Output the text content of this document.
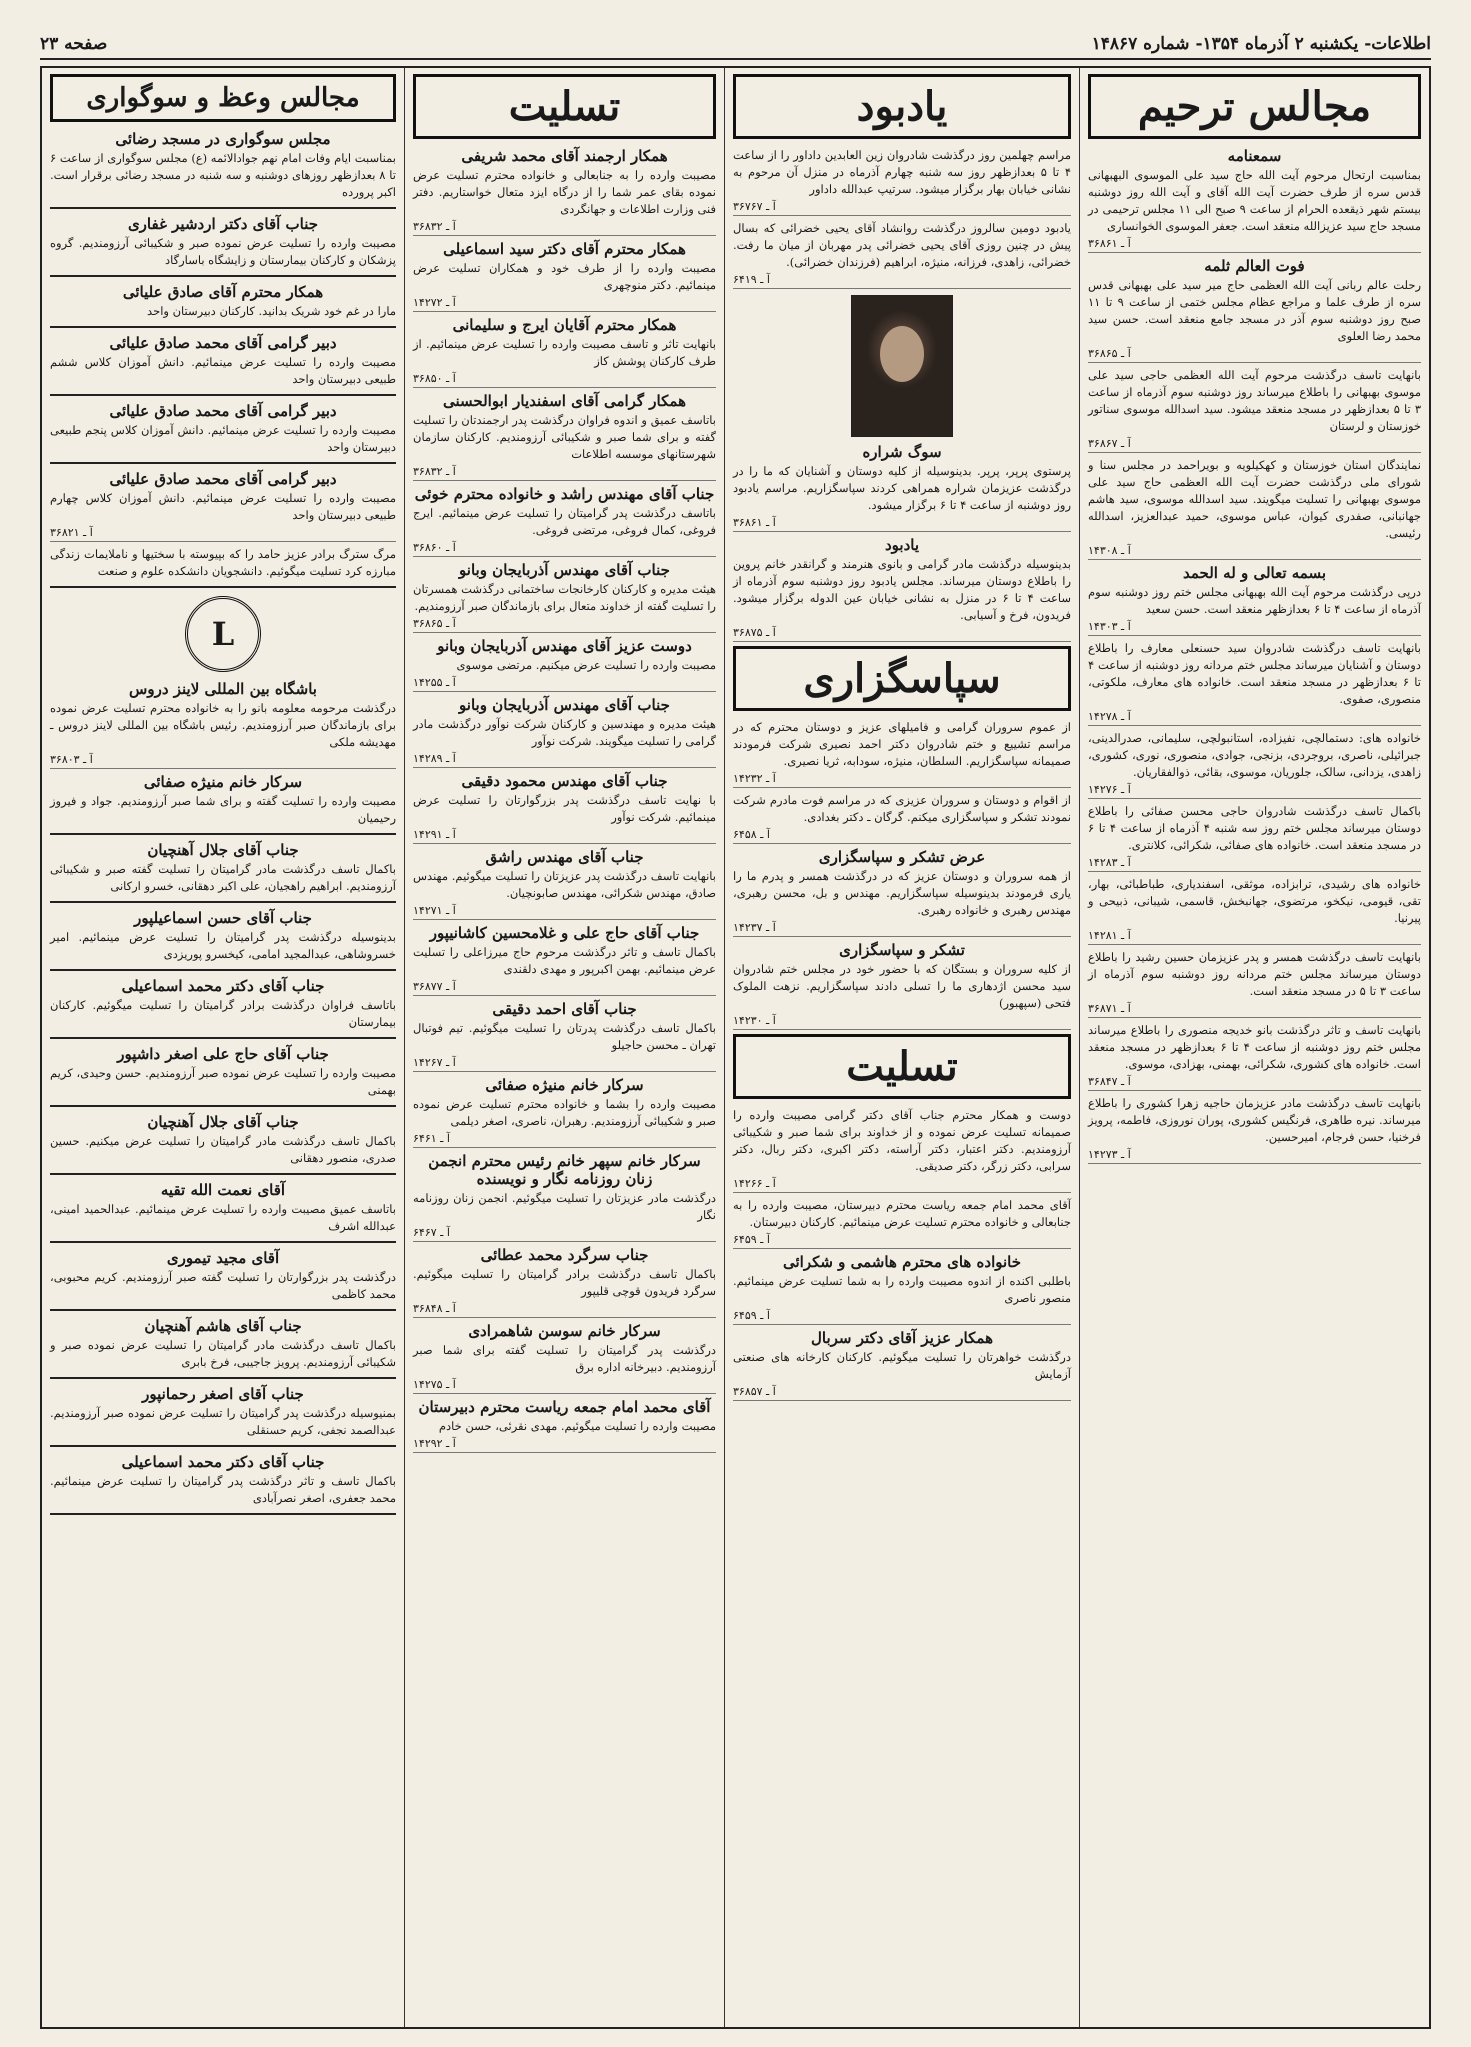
اطلاعات- یکشنبه ۲ آذرماه ۱۳۵۴- شماره ۱۴۸۶۷
صفحه ۲۳
مجالس ترحیم
سمعنامه

بمناسبت ارتحال مرحوم آیت الله حاج سید علی الموسوی البهبهانی قدس سره از طرف حضرت آیت الله آقای و آیت الله روز دوشنبه بیستم شهر ذیقعده الحرام از ساعت ۹ صبح الی ۱۱ مجلس ترحیمی در مسجد حاج سید عزیزالله منعقد است. جعفر الموسوی الخوانساری

آ ـ ۳۶۸۶۱
فوت العالم ثلمه

رحلت عالم ربانی آیت الله العظمی حاج میر سید علی بهبهانی قدس سره از طرف علما و مراجع عظام مجلس ختمی از ساعت ۹ تا ۱۱ صبح روز دوشنبه سوم آذر در مسجد جامع منعقد است. حسن سید محمد رضا العلوی

آ ـ ۳۶۸۶۵

بانهایت تاسف درگذشت مرحوم آیت الله العظمی حاجی سید علی موسوی بهبهانی را باطلاع میرساند روز دوشنبه سوم آذرماه از ساعت ۳ تا ۵ بعدازظهر در مسجد منعقد میشود. سید اسدالله موسوی سناتور خوزستان و لرستان

آ ـ ۳۶۸۶۷

نمایندگان استان خوزستان و کهکیلویه و بویراحمد در مجلس سنا و شورای ملی درگذشت حضرت آیت الله العظمی حاج سید علی موسوی بهبهانی را تسلیت میگویند. سید اسدالله موسوی، سید هاشم جهانبانی، صفدری کیوان، عباس موسوی، حمید عبدالعزیز، اسدالله رئیسی.

آ ـ ۱۴۳۰۸
بسمه تعالی و له الحمد

درپی درگذشت مرحوم آیت الله بهبهانی مجلس ختم روز دوشنبه سوم آذرماه از ساعت ۴ تا ۶ بعدازظهر منعقد است. حسن سعید

آ ـ ۱۴۳۰۳

بانهایت تاسف درگذشت شادروان سید حسنعلی معارف را باطلاع دوستان و آشنایان میرساند مجلس ختم مردانه روز دوشنبه از ساعت ۴ تا ۶ بعدازظهر در مسجد منعقد است. خانواده های معارف، ملکوتی، منصوری، صفوی.

آ ـ ۱۴۲۷۸

خانواده های: دستمالچی، نفیزاده، استانبولچی، سلیمانی، صدرالدینی، جبرائیلی، ناصری، بروجردی، بزنجی، جوادی، منصوری، نوری، کشوری، زاهدی، یزدانی، سالک، جلوریان، موسوی، بقائی، ذوالفقاریان.

آ ـ ۱۴۲۷۶

باکمال تاسف درگذشت شادروان حاجی محسن صفائی را باطلاع دوستان میرساند مجلس ختم روز سه شنبه ۴ آذرماه از ساعت ۴ تا ۶ در مسجد منعقد است. خانواده های صفائی، شکرائی، کلانتری.

آ ـ ۱۴۲۸۳

خانواده های رشیدی، ترابزاده، موثقی، اسفندیاری، طباطبائی، بهار، تقی، قیومی، نیکخو، مرتضوی، جهانبخش، قاسمی، شیبانی، ذبیحی و پیرنیا.

آ ـ ۱۴۲۸۱

بانهایت تاسف درگذشت همسر و پدر عزیزمان حسین رشید را باطلاع دوستان میرساند مجلس ختم مردانه روز دوشنبه سوم آذرماه از ساعت ۳ تا ۵ در مسجد منعقد است.

آ ـ ۳۶۸۷۱

بانهایت تاسف و تاثر درگذشت بانو خدیجه منصوری را باطلاع میرساند مجلس ختم روز دوشنبه از ساعت ۴ تا ۶ بعدازظهر در مسجد منعقد است. خانواده های کشوری، شکرائی، بهمنی، بهزادی، موسوی.

آ ـ ۳۶۸۴۷

بانهایت تاسف درگذشت مادر عزیزمان حاجیه زهرا کشوری را باطلاع میرساند. نیره طاهری، فرنگیس کشوری، پوران نوروزی، فاطمه، پرویز فرخنیا، حسن فرجام، امیرحسین.

آ ـ ۱۴۲۷۳
یادبود

مراسم چهلمین روز درگذشت شادروان زین العابدین داداور را از ساعت ۴ تا ۵ بعدازظهر روز سه شنبه چهارم آذرماه در منزل آن مرحوم به نشانی خیابان بهار برگزار میشود. سرتیپ عبدالله داداور

آ ـ ۳۶۷۶۷

یادبود دومین سالروز درگذشت روانشاد آقای یحیی خضرائی که بسال پیش در چنین روزی آقای یحیی خضرائی پدر مهربان از میان ما رفت. خضرائی، زاهدی، فرزانه، منیژه، ابراهیم (فرزندان خضرائی).

آ ـ ۶۴۱۹
سوگ شراره

پرستوی پرپر، پرپر. بدینوسیله از کلیه دوستان و آشنایان که ما را در درگذشت عزیزمان شراره همراهی کردند سپاسگزاریم. مراسم یادبود روز دوشنبه از ساعت ۴ تا ۶ برگزار میشود.

آ ـ ۳۶۸۶۱
یادبود

بدینوسیله درگذشت مادر گرامی و بانوی هنرمند و گرانقدر خانم پروین را باطلاع دوستان میرساند. مجلس یادبود روز دوشنبه سوم آذرماه از ساعت ۴ تا ۶ در منزل به نشانی خیابان عین الدوله برگزار میشود. فریدون، فرخ و آسیابی.

آ ـ ۳۶۸۷۵
سپاسگزاری

از عموم سروران گرامی و فامیلهای عزیز و دوستان محترم که در مراسم تشییع و ختم شادروان دکتر احمد نصیری شرکت فرمودند صمیمانه سپاسگزاریم. السلطان، منیژه، سودابه، ثریا نصیری.

آ ـ ۱۴۲۳۲

از اقوام و دوستان و سروران عزیزی که در مراسم فوت مادرم شرکت نمودند تشکر و سپاسگزاری میکنم. گرگان ـ دکتر بغدادی.

آ ـ ۶۴۵۸
عرض تشکر و سپاسگزاری

از همه سروران و دوستان عزیز که در درگذشت همسر و پدرم ما را یاری فرمودند بدینوسیله سپاسگزاریم. مهندس و بل، محسن رهبری، مهندس رهبری و خانواده رهبری.

آ ـ ۱۴۲۳۷
تشکر و سپاسگزاری

از کلیه سروران و بستگان که با حضور خود در مجلس ختم شادروان سید محسن اژدهاری ما را تسلی دادند سپاسگزاریم. نزهت الملوک فتحی (سپهبور)

آ ـ ۱۴۲۳۰
تسلیت

دوست و همکار محترم جناب آقای دکتر گرامی مصیبت وارده را صمیمانه تسلیت عرض نموده و از خداوند برای شما صبر و شکیبائی آرزومندیم. دکتر اعتبار، دکتر آراسته، دکتر اکبری، دکتر ربال، دکتر سرابی، دکتر زرگر، دکتر صدیقی.

آ ـ ۱۴۲۶۶

آقای محمد امام جمعه ریاست محترم دبیرستان، مصیبت وارده را به جنابعالی و خانواده محترم تسلیت عرض مینمائیم. کارکنان دبیرستان.

آ ـ ۶۴۵۹
خانواده های محترم هاشمی و شکرائی

باطلبی اکنده از اندوه مصیبت وارده را به شما تسلیت عرض مینمائیم. منصور ناصری

آ ـ ۶۴۵۹
همکار عزیز آقای دکتر سربال

درگذشت خواهرتان را تسلیت میگوئیم. کارکنان کارخانه های صنعتی آزمایش

آ ـ ۳۶۸۵۷
تسلیت
همکار ارجمند آقای محمد شریفی

مصیبت وارده را به جنابعالی و خانواده محترم تسلیت عرض نموده بقای عمر شما را از درگاه ایزد متعال خواستاریم. دفتر فنی وزارت اطلاعات و جهانگردی

آ ـ ۳۶۸۳۲
همکار محترم آقای دکتر سید اسماعیلی

مصیبت وارده را از طرف خود و همکاران تسلیت عرض مینمائیم. دکتر منوچهری

آ ـ ۱۴۲۷۲
همکار محترم آقایان ایرج و سلیمانی

بانهایت تاثر و تاسف مصیبت وارده را تسلیت عرض مینمائیم. از طرف کارکنان پوشش کاز

آ ـ ۳۶۸۵۰
همکار گرامی آقای اسفندیار ابوالحسنی

باتاسف عمیق و اندوه فراوان درگذشت پدر ارجمندتان را تسلیت گفته و برای شما صبر و شکیبائی آرزومندیم. کارکنان سازمان شهرستانهای موسسه اطلاعات

آ ـ ۳۶۸۳۲
جناب آقای مهندس راشد و خانواده محترم خوئی

باتاسف درگذشت پدر گرامیتان را تسلیت عرض مینمائیم. ایرج فروغی، کمال فروغی، مرتضی فروغی.

آ ـ ۳۶۸۶۰
جناب آقای مهندس آذربایجان وبانو

هیئت مدیره و کارکنان کارخانجات ساختمانی درگذشت همسرتان را تسلیت گفته از خداوند متعال برای بازماندگان صبر آرزومندیم.

آ ـ ۳۶۸۶۵
دوست عزیز آقای مهندس آذربایجان وبانو

مصیبت وارده را تسلیت عرض میکنیم. مرتضی موسوی

آ ـ ۱۴۲۵۵
جناب آقای مهندس آذربایجان وبانو

هیئت مدیره و مهندسین و کارکنان شرکت نوآور درگذشت مادر گرامی را تسلیت میگویند. شرکت نوآور

آ ـ ۱۴۲۸۹
جناب آقای مهندس محمود دقیقی

با نهایت تاسف درگذشت پدر بزرگوارتان را تسلیت عرض مینمائیم. شرکت نوآور

آ ـ ۱۴۲۹۱
جناب آقای مهندس راشق

بانهایت تاسف درگذشت پدر عزیزتان را تسلیت میگوئیم. مهندس صادق، مهندس شکرائی، مهندس صابونچیان.

آ ـ ۱۴۲۷۱
جناب آقای حاج علی و غلامحسین کاشانیپور

باکمال تاسف و تاثر درگذشت مرحوم حاج میرزاعلی را تسلیت عرض مینمائیم. بهمن اکبرپور و مهدی دلقندی

آ ـ ۳۶۸۷۷
جناب آقای احمد دقیقی

باکمال تاسف درگذشت پدرتان را تسلیت میگوئیم. تیم فوتبال تهران ـ محسن حاجیلو

آ ـ ۱۴۲۶۷
سرکار خانم منیژه صفائی

مصیبت وارده را بشما و خانواده محترم تسلیت عرض نموده صبر و شکیبائی آرزومندیم. رهبران، ناصری، اصغر دیلمی

آ ـ ۶۴۶۱
سرکار خانم سپهر خانم رئیس محترم انجمن زنان روزنامه نگار و نویسنده

درگذشت مادر عزیزتان را تسلیت میگوئیم. انجمن زنان روزنامه نگار

آ ـ ۶۴۶۷
جناب سرگرد محمد عطائی

باکمال تاسف درگذشت برادر گرامیتان را تسلیت میگوئیم. سرگرد فریدون قوچی قلیپور

آ ـ ۳۶۸۴۸
سرکار خانم سوسن شاهمرادی

درگذشت پدر گرامیتان را تسلیت گفته برای شما صبر آرزومندیم. دبیرخانه اداره برق

آ ـ ۱۴۲۷۵
آقای محمد امام جمعه ریاست محترم دبیرستان

مصیبت وارده را تسلیت میگوئیم. مهدی نقرئی، حسن خادم

آ ـ ۱۴۲۹۲
مجالس وعظ و سوگواری
مجلس سوگواری در مسجد رضائی

بمناسبت ایام وفات امام نهم جوادالائمه (ع) مجلس سوگواری از ساعت ۶ تا ۸ بعدازظهر روزهای دوشنبه و سه شنبه در مسجد رضائی برقرار است. اکبر پرورده

جناب آقای دکتر اردشیر غفاری

مصیبت وارده را تسلیت عرض نموده صبر و شکیبائی آرزومندیم. گروه پزشکان و کارکنان بیمارستان و زایشگاه باسارگاد

همکار محترم آقای صادق علیائی

مارا در غم خود شریک بدانید. کارکنان دبیرستان واحد

دبیر گرامی آقای محمد صادق علیائی

مصیبت وارده را تسلیت عرض مینمائیم. دانش آموزان کلاس ششم طبیعی دبیرستان واحد

دبیر گرامی آقای محمد صادق علیائی

مصیبت وارده را تسلیت عرض مینمائیم. دانش آموزان کلاس پنجم طبیعی دبیرستان واحد

دبیر گرامی آقای محمد صادق علیائی

مصیبت وارده را تسلیت عرض مینمائیم. دانش آموزان کلاس چهارم طبیعی دبیرستان واحد

آ ـ ۳۶۸۲۱

مرگ سترگ برادر عزیز حامد را که بپیوسته با سختیها و ناملایمات زندگی مبارزه کرد تسلیت میگوئیم. دانشجویان دانشکده علوم و صنعت

L
باشگاه بین المللی لاینز دروس

درگذشت مرحومه معلومه بانو را به خانواده محترم تسلیت عرض نموده برای بازماندگان صبر آرزومندیم. رئیس باشگاه بین المللی لاینز دروس ـ مهدیشه ملکی

آ ـ ۳۶۸۰۳
سرکار خانم منیژه صفائی

مصیبت وارده را تسلیت گفته و برای شما صبر آرزومندیم. جواد و فیروز رحیمیان

جناب آقای جلال آهنچیان

باکمال تاسف درگذشت مادر گرامیتان را تسلیت گفته صبر و شکیبائی آرزومندیم. ابراهیم راهجیان، علی اکبر دهقانی، خسرو ارکانی

جناب آقای حسن اسماعیلپور

بدینوسیله درگذشت پدر گرامیتان را تسلیت عرض مینمائیم. امیر خسروشاهی، عبدالمجید امامی، کیخسرو پوریزدی

جناب آقای دکتر محمد اسماعیلی

باتاسف فراوان درگذشت برادر گرامیتان را تسلیت میگوئیم. کارکنان بیمارستان

جناب آقای حاج علی اصغر داشپور

مصیبت وارده را تسلیت عرض نموده صبر آرزومندیم. حسن وحیدی، کریم بهمنی

جناب آقای جلال آهنچیان

باکمال تاسف درگذشت مادر گرامیتان را تسلیت عرض میکنیم. حسین صدری، منصور دهقانی

آقای نعمت الله تقیه

باتاسف عمیق مصیبت وارده را تسلیت عرض مینمائیم. عبدالحمید امینی، عبدالله اشرف

آقای مجید تیموری

درگذشت پدر بزرگوارتان را تسلیت گفته صبر آرزومندیم. کریم محبوبی، محمد کاظمی

جناب آقای هاشم آهنچیان

باکمال تاسف درگذشت مادر گرامیتان را تسلیت عرض نموده صبر و شکیبائی آرزومندیم. پرویز جاجیبی، فرخ بابری

جناب آقای اصغر رحمانپور

بمنیوسیله درگذشت پدر گرامیتان را تسلیت عرض نموده صبر آرزومندیم. عبدالصمد نجفی، کریم حسنقلی

جناب آقای دکتر محمد اسماعیلی

باکمال تاسف و تاثر درگذشت پدر گرامیتان را تسلیت عرض مینمائیم. محمد جعفری، اصغر نصرآبادی
